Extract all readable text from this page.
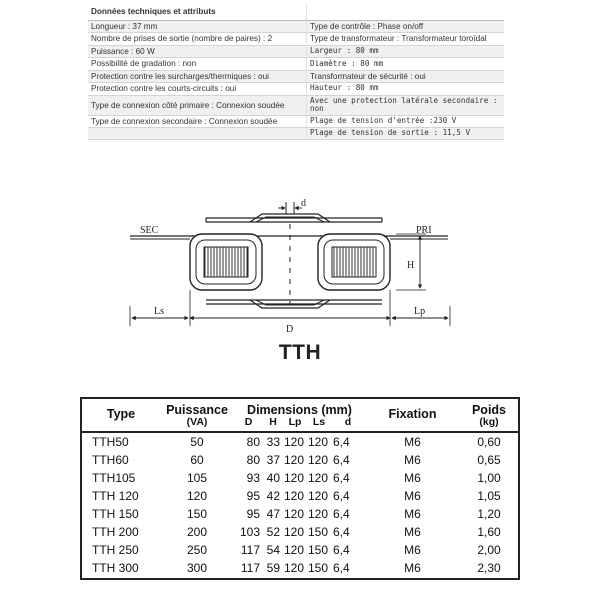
Données techniques et attributs	
Longueur : 37 mm	Type de contrôle : Phase on/off
Nombre de prises de sortie (nombre de paires) : 2	Type de transformateur : Transformateur toroïdal
Puissance : 60 W	Largeur : 80 mm
Possibilité de gradation : non	Diamètre : 80 mm
Protection contre les surcharges/thermiques : oui	Transformateur de sécurité : oui
Protection contre les courts-circuits : oui	Hauteur : 80 mm
Type de connexion côté primaire : Connexion soudée	Avec une protection latérale secondaire : non
Type de connexion secondaire : Connexion soudée	Plage de tension d'entrée :230 V
	Plage de tension de sortie : 11,5 V
d
SEC	PRI
H
Ls	Lp
D
TTH
Type	Puissance	Dimensions (mm)					Fixation	Poids
	(VA)	D	H	Lp	Ls	d		(kg)
TTH50	50	80	33	120	120	6,4	M6	0,60
TTH60	60	80	37	120	120	6,4	M6	0,65
TTH105	105	93	40	120	120	6,4	M6	1,00
TTH 120	120	95	42	120	120	6,4	M6	1,05
TTH 150	150	95	47	120	120	6,4	M6	1,20
TTH 200	200	103	52	120	150	6,4	M6	1,60
TTH 250	250	117	54	120	150	6,4	M6	2,00
TTH 300	300	117	59	120	150	6,4	M6	2,30
